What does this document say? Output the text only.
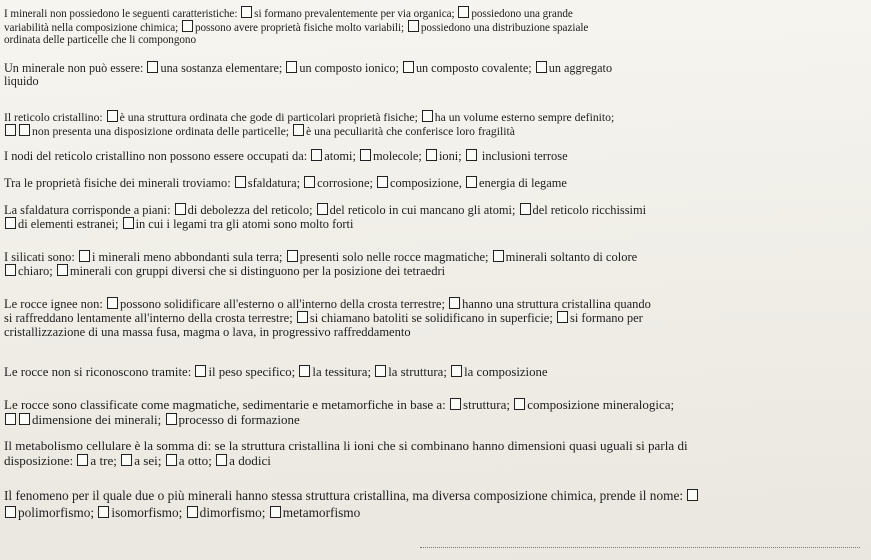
I minerali non possiedono le seguenti caratteristiche: si formano prevalentemente per via organica; possiedono una grande
variabilità nella composizione chimica; possono avere proprietà fisiche molto variabili; possiedono una distribuzione spaziale
ordinata delle particelle che li compongono
Un minerale non può essere: una sostanza elementare; un composto ionico; un composto covalente; un aggregato
liquido
Il reticolo cristallino: è una struttura ordinata che gode di particolari proprietà fisiche; ha un volume esterno sempre definito;
non presenta una disposizione ordinata delle particelle; è una peculiarità che conferisce loro fragilità
I nodi del reticolo cristallino non possono essere occupati da: atomi; molecole; ioni;  inclusioni terrose
Tra le proprietà fisiche dei minerali troviamo: sfaldatura; corrosione; composizione, energia di legame
La sfaldatura corrisponde a piani: di debolezza del reticolo; del reticolo in cui mancano gli atomi; del reticolo ricchissimi
di elementi estranei; in cui i legami tra gli atomi sono molto forti
I silicati sono: i minerali meno abbondanti sula terra; presenti solo nelle rocce magmatiche; minerali soltanto di colore
chiaro; minerali con gruppi diversi che si distinguono per la posizione dei tetraedri
Le rocce ignee non: possono solidificare all'esterno o all'interno della crosta terrestre; hanno una struttura cristallina quando
si raffreddano lentamente all'interno della crosta terrestre; si chiamano batoliti se solidificano in superficie; si formano per
cristallizzazione di una massa fusa, magma o lava, in progressivo raffreddamento
Le rocce non si riconoscono tramite: il peso specifico; la tessitura; la struttura; la composizione
Le rocce sono classificate come magmatiche, sedimentarie e metamorfiche in base a: struttura; composizione mineralogica;
dimensione dei minerali; processo di formazione
Il metabolismo cellulare è la somma di: se la struttura cristallina li ioni che si combinano hanno dimensioni quasi uguali si parla di
disposizione: a tre; a sei; a otto; a dodici
Il fenomeno per il quale due o più minerali hanno stessa struttura cristallina, ma diversa composizione chimica, prende il nome:
polimorfismo; isomorfismo; dimorfismo; metamorfismo
